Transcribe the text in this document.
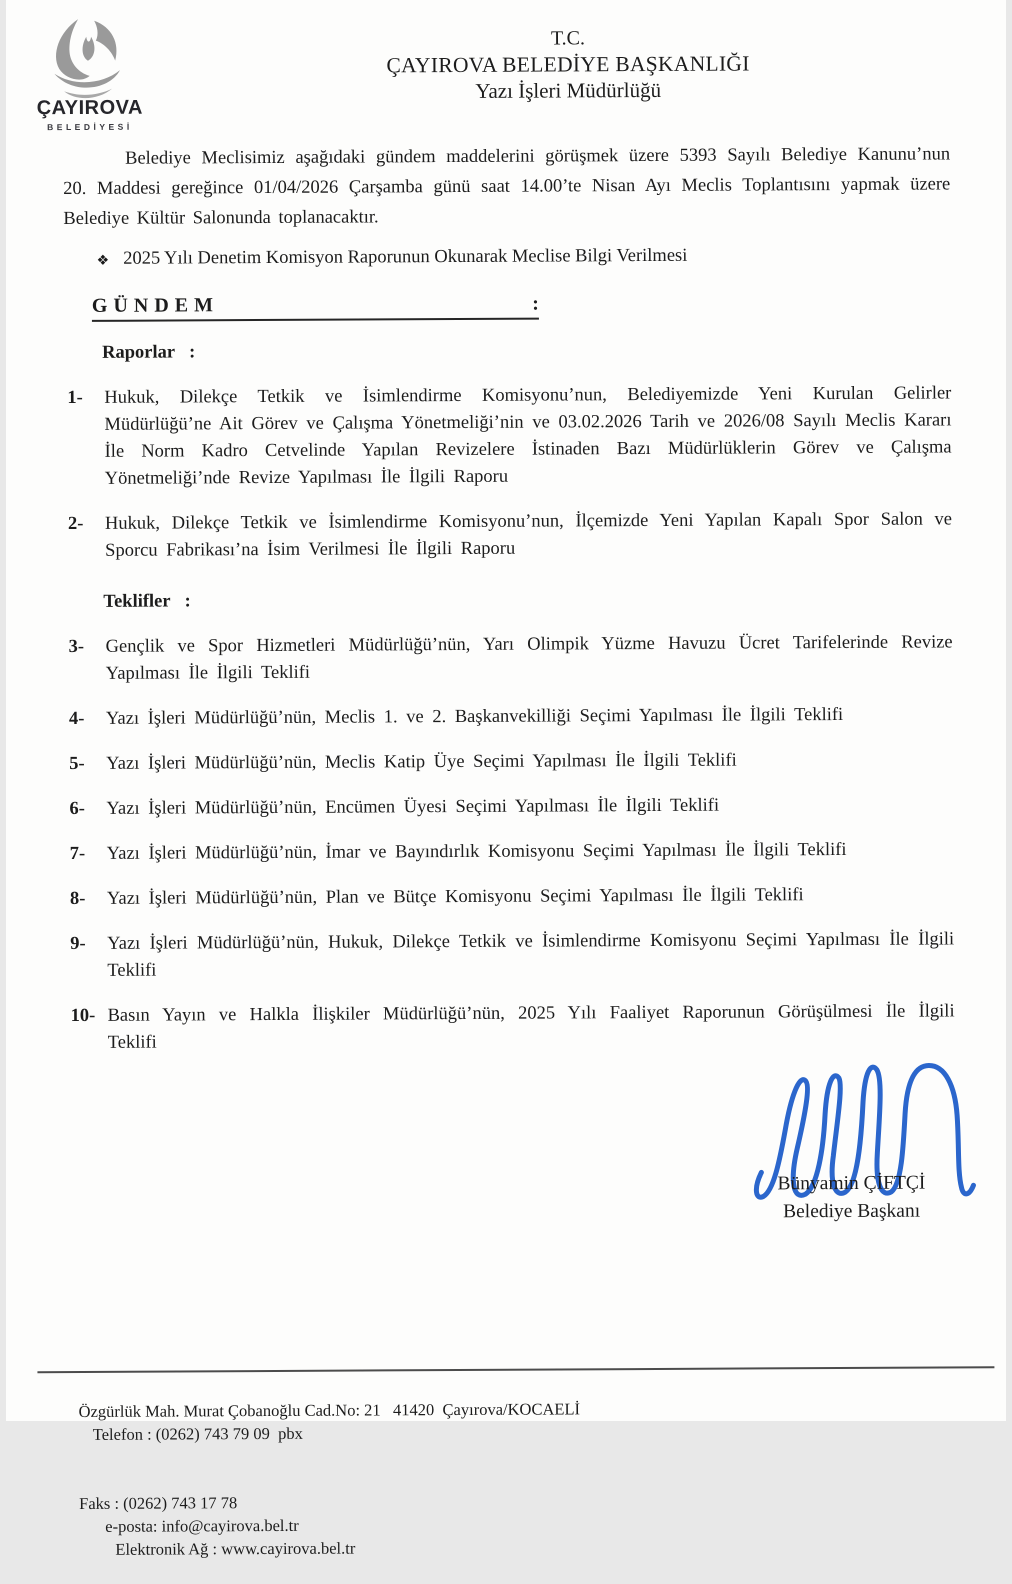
ÇAYIROVA
BELEDİYESİ
T.C.
ÇAYIROVA BELEDİYE BAŞKANLIĞI
Yazı İşleri Müdürlüğü

Belediye Meclisimiz aşağıdaki gündem maddelerini görüşmek üzere 5393 Sayılı Belediye Kanunu’nun 20. Maddesi gereğince 01/04/2026 Çarşamba günü saat 14.00’te Nisan Ayı Meclis Toplantısını yapmak üzere Belediye Kültür Salonunda toplanacaktır.

❖ 2025 Yılı Denetim Komisyon Raporunun Okunarak Meclise Bilgi Verilmesi
GÜNDEM	:
Raporlar :
1-	Hukuk, Dilekçe Tetkik ve İsimlendirme Komisyonu’nun, Belediyemizde Yeni Kurulan Gelirler Müdürlüğü’ne Ait Görev ve Çalışma Yönetmeliği’nin ve 03.02.2026 Tarih ve 2026/08 Sayılı Meclis Kararı İle Norm Kadro Cetvelinde Yapılan Revizelere İstinaden Bazı Müdürlüklerin Görev ve Çalışma Yönetmeliği’nde Revize Yapılması İle İlgili Raporu
2-	Hukuk, Dilekçe Tetkik ve İsimlendirme Komisyonu’nun, İlçemizde Yeni Yapılan Kapalı Spor Salon ve Sporcu Fabrikası’na İsim Verilmesi İle İlgili Raporu
Teklifler :
3-	Gençlik ve Spor Hizmetleri Müdürlüğü’nün, Yarı Olimpik Yüzme Havuzu Ücret Tarifelerinde Revize Yapılması İle İlgili Teklifi
4-	Yazı İşleri Müdürlüğü’nün, Meclis 1. ve 2. Başkanvekilliği Seçimi Yapılması İle İlgili Teklifi
5-	Yazı İşleri Müdürlüğü’nün, Meclis Katip Üye Seçimi Yapılması İle İlgili Teklifi
6-	Yazı İşleri Müdürlüğü’nün, Encümen Üyesi Seçimi Yapılması İle İlgili Teklifi
7-	Yazı İşleri Müdürlüğü’nün, İmar ve Bayındırlık Komisyonu Seçimi Yapılması İle İlgili Teklifi
8-	Yazı İşleri Müdürlüğü’nün, Plan ve Bütçe Komisyonu Seçimi Yapılması İle İlgili Teklifi
9-	Yazı İşleri Müdürlüğü’nün, Hukuk, Dilekçe Tetkik ve İsimlendirme Komisyonu Seçimi Yapılması İle İlgili Teklifi
10- Basın Yayın ve Halkla İlişkiler Müdürlüğü’nün, 2025 Yılı Faaliyet Raporunun Görüşülmesi İle İlgili Teklifi
Bünyamin ÇİFTÇİ
Belediye Başkanı

Özgürlük Mah. Murat Çobanoğlu Cad.No: 21   41420  Çayırova/KOCAELİ
Telefon : (0262) 743 79 09  pbx

Faks : (0262) 743 17 78
e-posta: info@cayirova.bel.tr
Elektronik Ağ : www.cayirova.bel.tr
